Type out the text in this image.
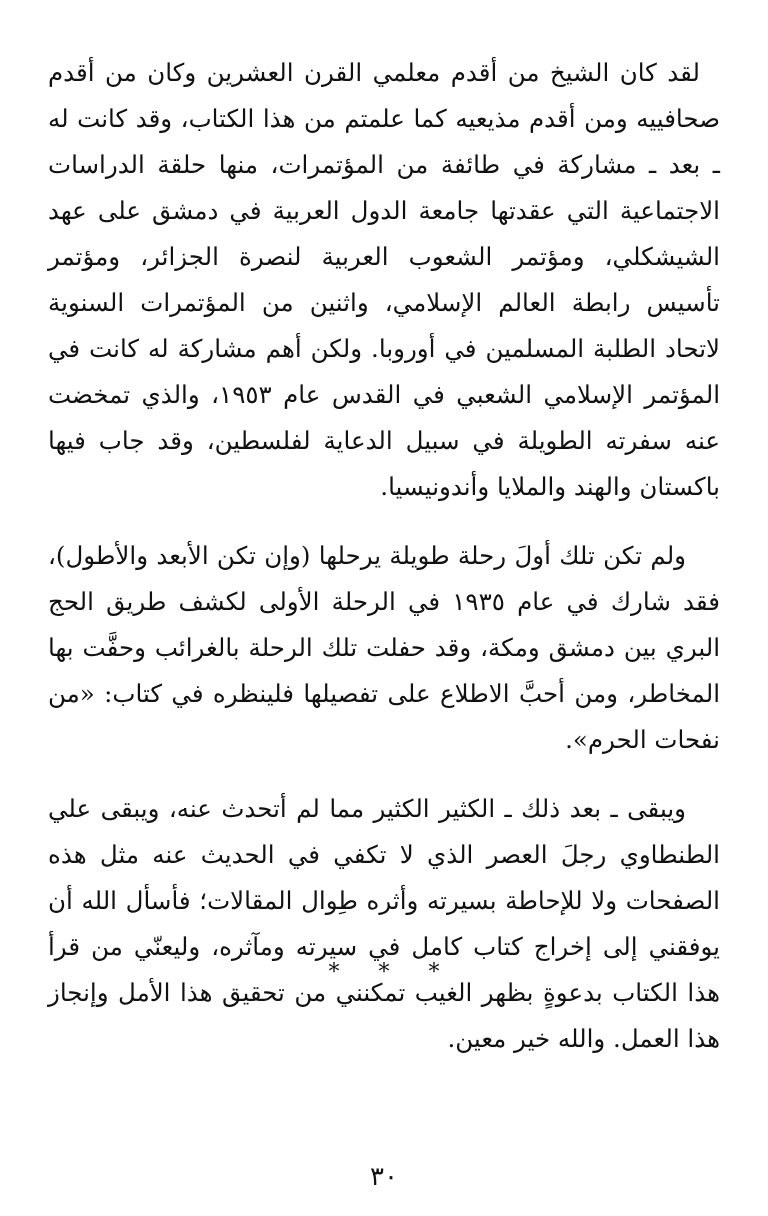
لقد كان الشيخ من أقدم معلمي القرن العشرين وكان من أقدم صحافييه ومن أقدم مذيعيه كما علمتم من هذا الكتاب، وقد كانت له ـ بعد ـ مشاركة في طائفة من المؤتمرات، منها حلقة الدراسات الاجتماعية التي عقدتها جامعة الدول العربية في دمشق على عهد الشيشكلي، ومؤتمر الشعوب العربية لنصرة الجزائر، ومؤتمر تأسيس رابطة العالم الإسلامي، واثنين من المؤتمرات السنوية لاتحاد الطلبة المسلمين في أوروبا. ولكن أهم مشاركة له كانت في المؤتمر الإسلامي الشعبي في القدس عام ١٩٥٣، والذي تمخضت عنه سفرته الطويلة في سبيل الدعاية لفلسطين، وقد جاب فيها باكستان والهند والملايا وأندونيسيا.

ولم تكن تلك أولَ رحلة طويلة يرحلها (وإن تكن الأبعد والأطول)، فقد شارك في عام ١٩٣٥ في الرحلة الأولى لكشف طريق الحج البري بين دمشق ومكة، وقد حفلت تلك الرحلة بالغرائب وحفَّت بها المخاطر، ومن أحبَّ الاطلاع على تفصيلها فلينظره في كتاب: «من نفحات الحرم».

ويبقى ـ بعد ذلك ـ الكثير الكثير مما لم أتحدث عنه، ويبقى علي الطنطاوي رجلَ العصر الذي لا تكفي في الحديث عنه مثل هذه الصفحات ولا للإحاطة بسيرته وأثره طِوال المقالات؛ فأسأل الله أن يوفقني إلى إخراج كتاب كامل في سيرته ومآثره، وليعنّي من قرأ هذا الكتاب بدعوةٍ بظهر الغيب تمكنني من تحقيق هذا الأمل وإنجاز هذا العمل. والله خير معين.

* * *
٣٠
